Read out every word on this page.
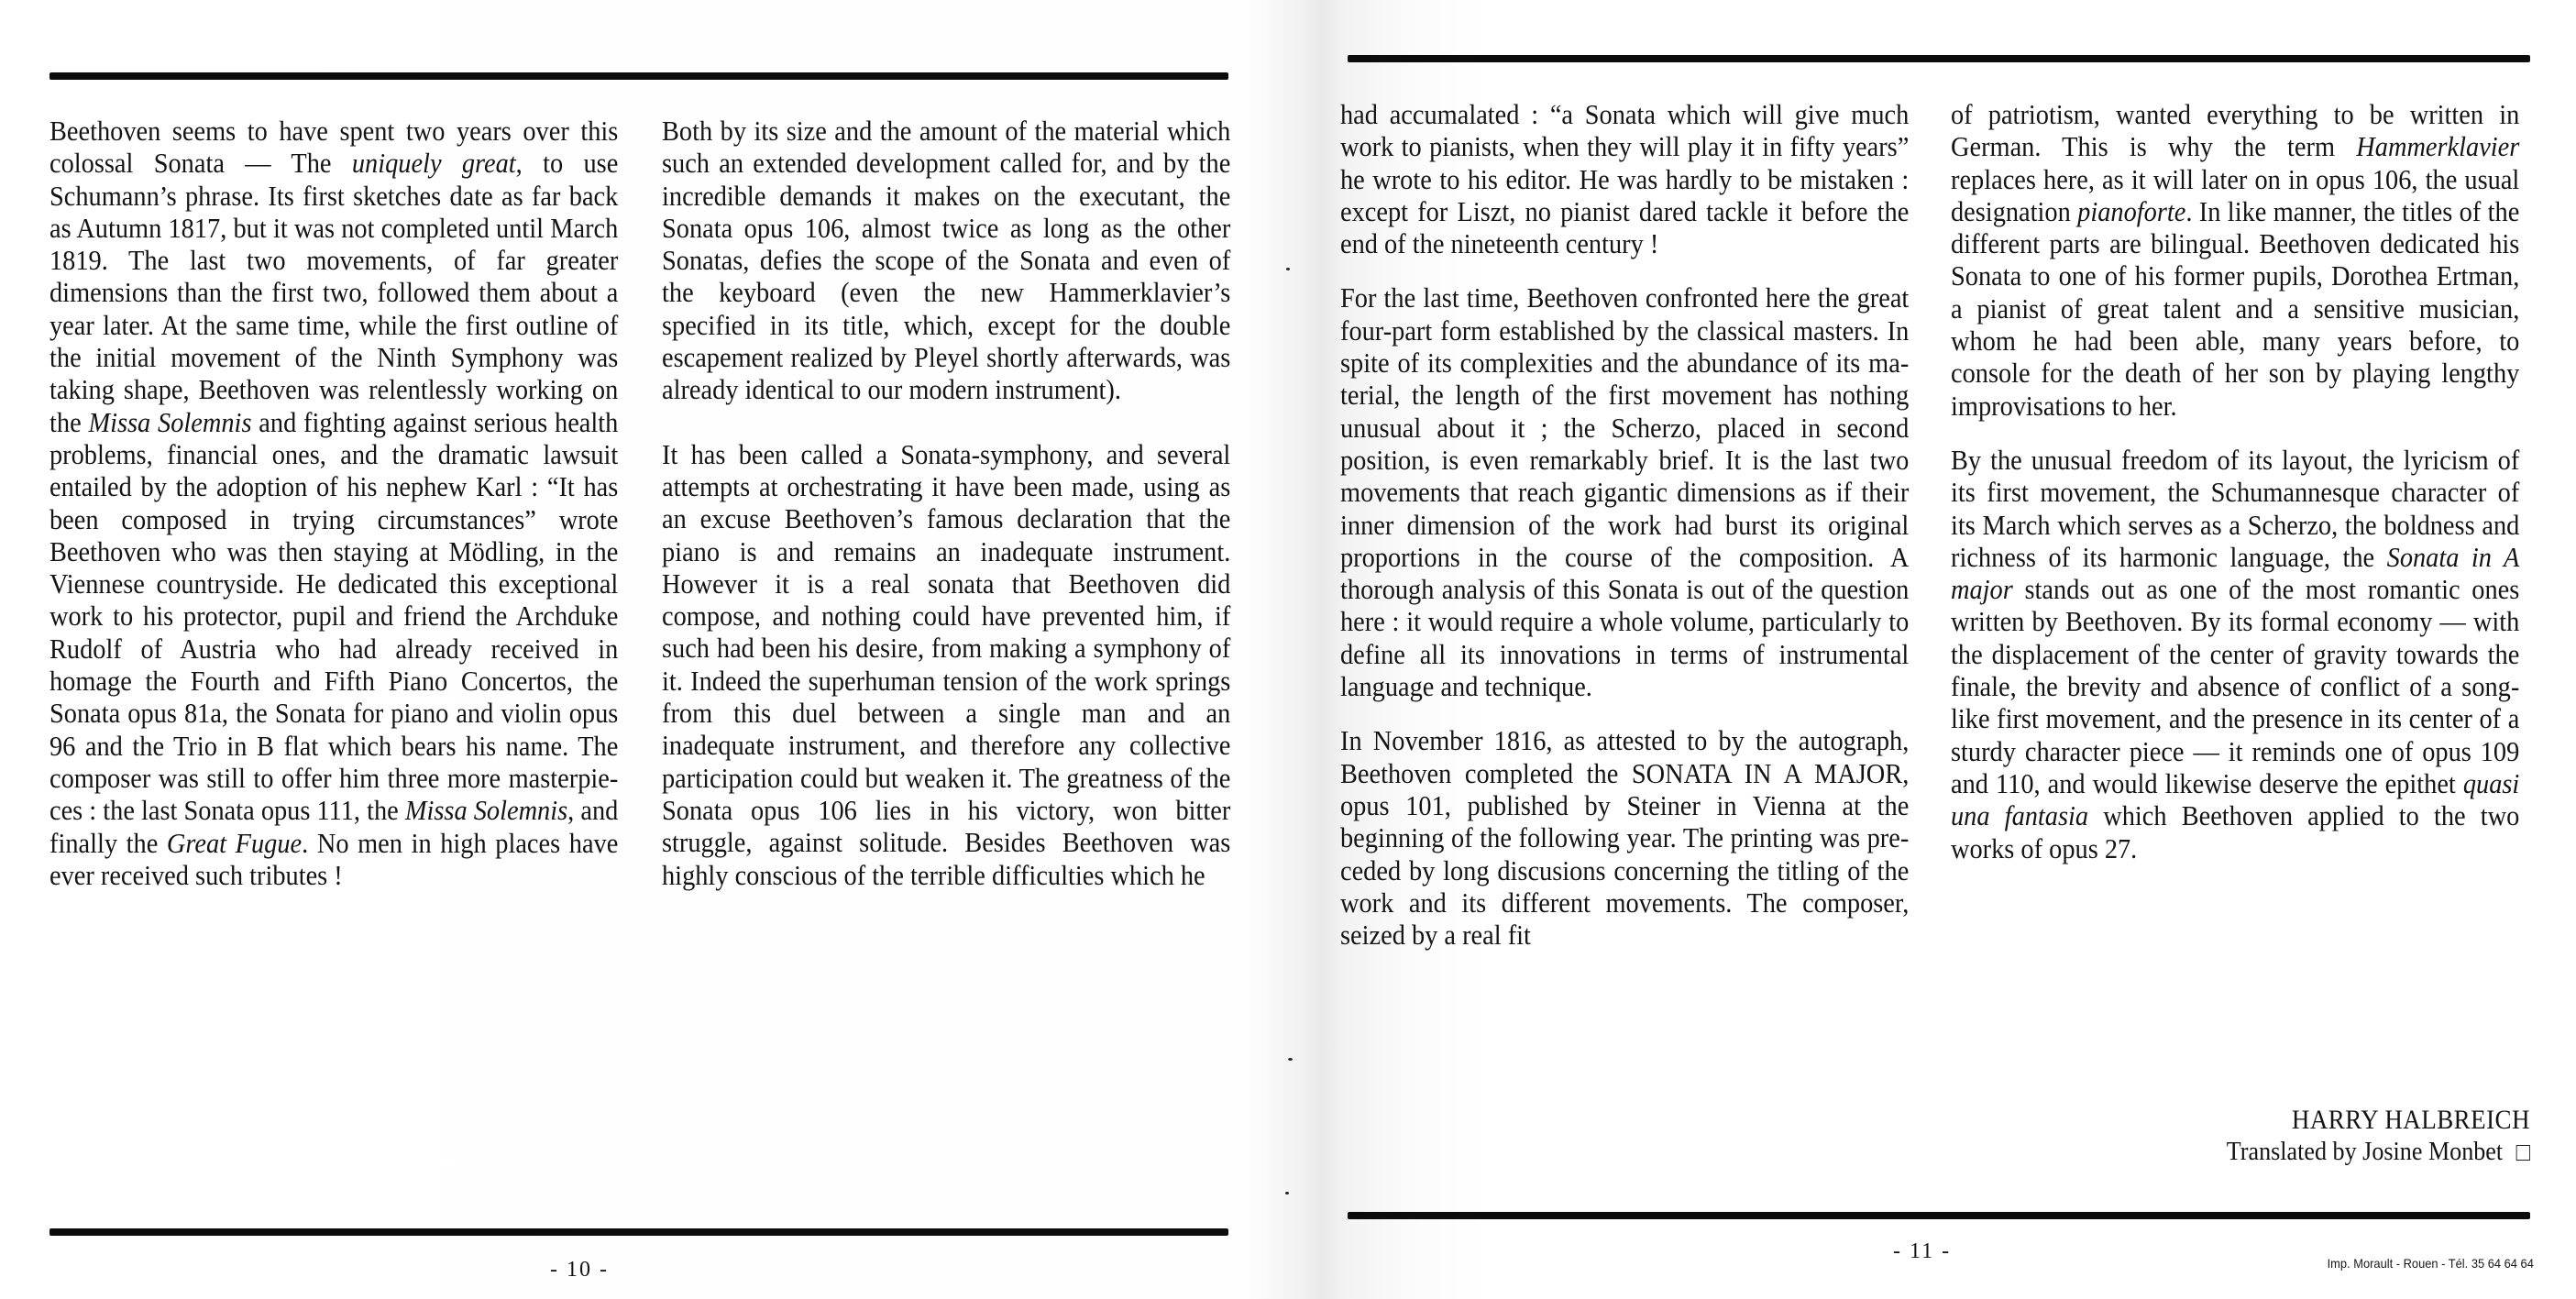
Beethoven seems to have spent two years over this colossal Sonata — The uniquely great, to use Schumann’s phrase. Its first sketches date as far back as Autumn 1817, but it was not completed until March 1819. The last two movements, of far greater dimensions than the first two, followed them about a year later. At the same time, while the first outline of the initial movement of the Ninth Symphony was taking shape, Beethoven was relentlessly working on the Missa Solemnis and fighting against serious health problems, financial ones, and the dramatic lawsuit entailed by the adoption of his nephew Karl : “It has been composed in trying circumstances” wrote Beethoven who was then staying at Mödling, in the Viennese countryside. He dedicated this exceptional work to his protector, pupil and friend the Archduke Rudolf of Austria who had already received in homage the Fourth and Fifth Piano Concertos, the Sonata opus 81a, the Sonata for piano and violin opus 96 and the Trio in B flat which bears his name. The composer was still to offer him three more masterpieces : the last Sonata opus 111, the Missa Solemnis, and finally the Great Fugue. No men in high places have ever received such tributes !

Both by its size and the amount of the material which such an extended development called for, and by the incredible demands it makes on the executant, the Sonata opus 106, almost twice as long as the other Sonatas, defies the scope of the Sonata and even of the keyboard (even the new Hammerklavier’s specified in its title, which, except for the double escapement realized by Pleyel shortly afterwards, was already identical to our modern instrument).

It has been called a Sonata-symphony, and several attempts at orchestrating it have been made, using as an excuse Beethoven’s famous declaration that the piano is and remains an inadequate instrument. However it is a real sonata that Beethoven did compose, and nothing could have prevented him, if such had been his desire, from making a symphony of it. Indeed the superhuman tension of the work springs from this duel between a single man and an inadequate instrument, and therefore any collective participation could but weaken it. The greatness of the Sonata opus 106 lies in his victory, won bitter struggle, against solitude. Besides Beethoven was highly conscious of the terrible difficulties which he

- 10 -

had accumalated : “a Sonata which will give much work to pianists, when they will play it in fifty years” he wrote to his editor. He was hardly to be mistaken : except for Liszt, no pianist dared tackle it before the end of the nineteenth century !

For the last time, Beethoven confronted here the great four-part form established by the classical masters. In spite of its complexities and the abundance of its material, the length of the first movement has nothing unusual about it ; the Scherzo, placed in second position, is even remarkably brief. It is the last two movements that reach gigantic dimensions as if their inner dimension of the work had burst its original proportions in the course of the composition. A thorough analysis of this Sonata is out of the question here : it would require a whole volume, particularly to define all its innovations in terms of instrumental language and technique.

In November 1816, as attested to by the autograph, Beethoven completed the SONATA IN A MAJOR, opus 101, published by Steiner in Vienna at the beginning of the following year. The printing was preceded by long discusions concerning the titling of the work and its different movements. The composer, seized by a real fit

of patriotism, wanted everything to be written in German. This is why the term Hammerklavier replaces here, as it will later on in opus 106, the usual designation pianoforte. In like manner, the titles of the different parts are bilingual. Beethoven dedicated his Sonata to one of his former pupils, Dorothea Ertman, a pianist of great talent and a sensitive musician, whom he had been able, many years before, to console for the death of her son by playing lengthy improvisations to her.

By the unusual freedom of its layout, the lyricism of its first movement, the Schumannesque character of its March which serves as a Scherzo, the boldness and richness of its harmonic language, the Sonata in A major stands out as one of the most romantic ones written by Beethoven. By its formal economy — with the displacement of the center of gravity towards the finale, the brevity and absence of conflict of a song-like first movement, and the presence in its center of a sturdy character piece — it reminds one of opus 109 and 110, and would likewise deserve the epithet quasi una fantasia which Beethoven applied to the two works of opus 27.

HARRY HALBREICH
Translated by Josine Monbet
- 11 -	Imp. Morault - Rouen - Tél. 35 64 64 64
